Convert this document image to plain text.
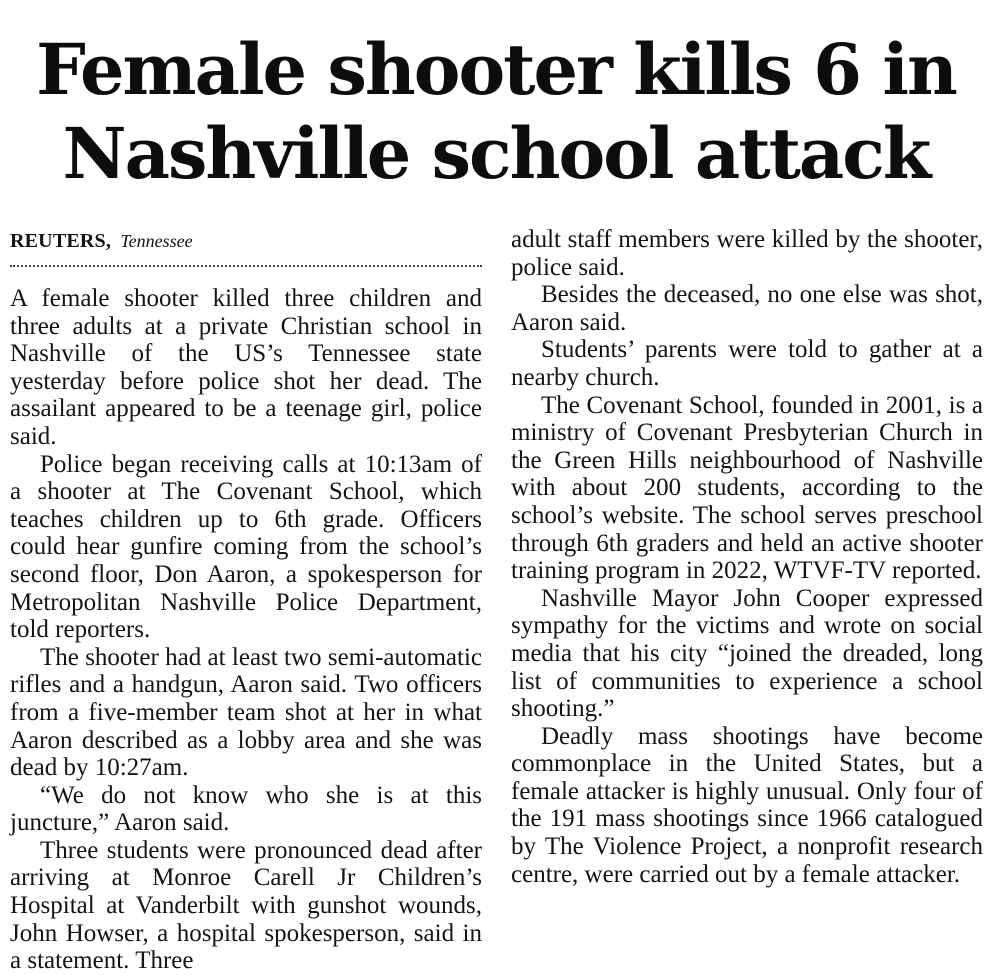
Female shooter kills 6 in
Nashville school attack
REUTERS, Tennessee

A female shooter killed three children and three adults at a private Christian school in Nashville of the US’s Tennessee state yesterday before police shot her dead. The assailant appeared to be a teenage girl, police said.

Police began receiving calls at 10:13am of a shooter at The Covenant School, which teaches children up to 6th grade. Officers could hear gunfire coming from the school’s second floor, Don Aaron, a spokesperson for Metropolitan Nashville Police Department, told reporters.

The shooter had at least two semi-automatic rifles and a handgun, Aaron said. Two officers from a five-member team shot at her in what Aaron described as a lobby area and she was dead by 10:27am.

“We do not know who she is at this juncture,” Aaron said.

Three students were pronounced dead after arriving at Monroe Carell Jr Children’s Hospital at Vanderbilt with gunshot wounds, John Howser, a hospital spokesperson, said in a statement. Three

adult staff members were killed by the shooter, police said.

Besides the deceased, no one else was shot, Aaron said.

Students’ parents were told to gather at a nearby church.

The Covenant School, founded in 2001, is a ministry of Covenant Presbyterian Church in the Green Hills neighbourhood of Nashville with about 200 students, according to the school’s website. The school serves preschool through 6th graders and held an active shooter training program in 2022, WTVF-TV reported.

Nashville Mayor John Cooper expressed sympathy for the victims and wrote on social media that his city “joined the dreaded, long list of communities to experience a school shooting.”

Deadly mass shootings have become commonplace in the United States, but a female attacker is highly unusual. Only four of the 191 mass shootings since 1966 catalogued by The Violence Project, a nonprofit research centre, were carried out by a female attacker.
